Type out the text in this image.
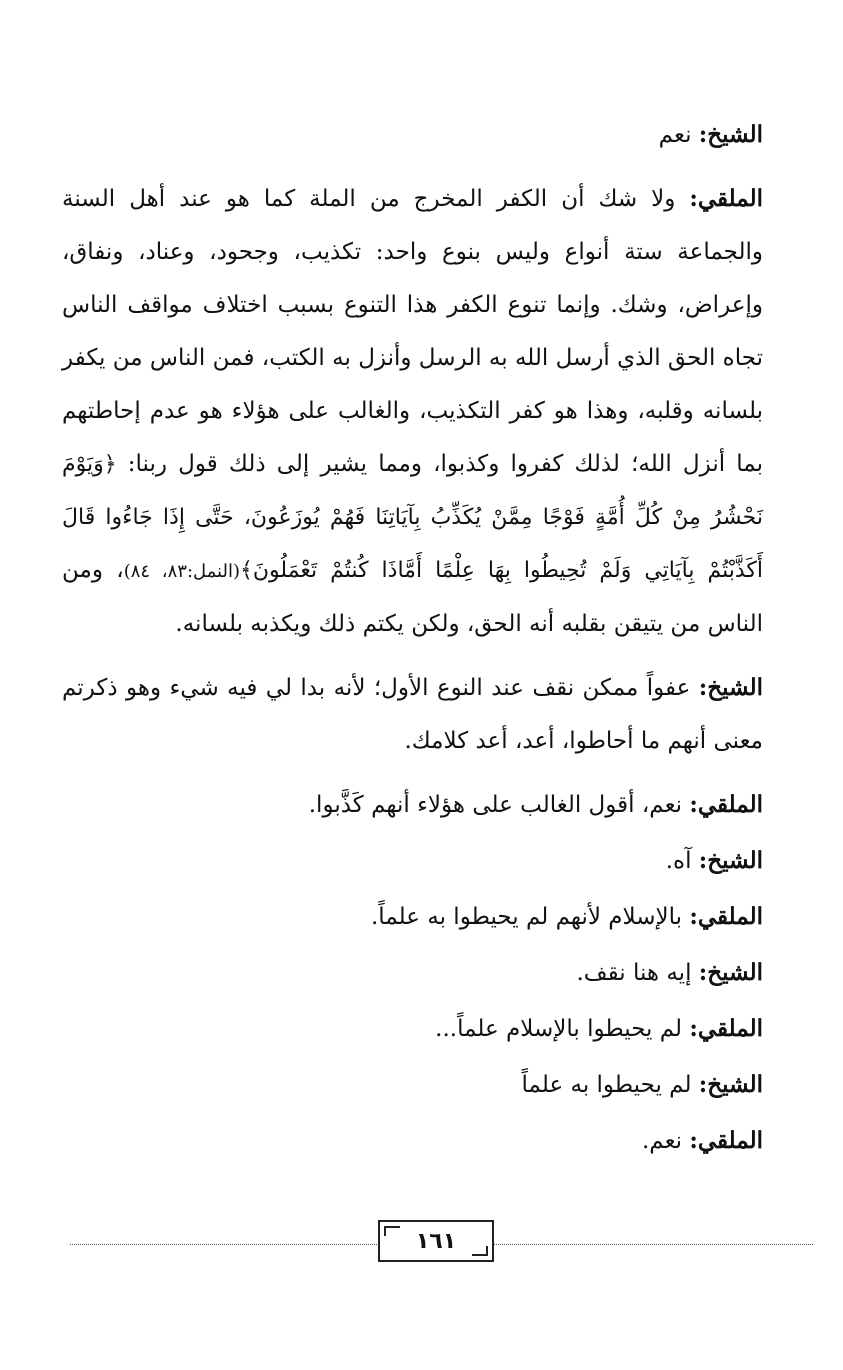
الشيخ: نعم

الملقي: ولا شك أن الكفر المخرج من الملة كما هو عند أهل السنة والجماعة ستة أنواع وليس بنوع واحد: تكذيب، وجحود، وعناد، ونفاق، وإعراض، وشك. وإنما تنوع الكفر هذا التنوع بسبب اختلاف مواقف الناس تجاه الحق الذي أرسل الله به الرسل وأنزل به الكتب، فمن الناس من يكفر بلسانه وقلبه، وهذا هو كفر التكذيب، والغالب على هؤلاء هو عدم إحاطتهم بما أنزل الله؛ لذلك كفروا وكذبوا، ومما يشير إلى ذلك قول ربنا: ﴿وَيَوْمَ نَحْشُرُ مِنْ كُلِّ أُمَّةٍ فَوْجًا مِمَّنْ يُكَذِّبُ بِآيَاتِنَا فَهُمْ يُوزَعُونَ، حَتَّى إِذَا جَاءُوا قَالَ أَكَذَّبْتُمْ بِآيَاتِي وَلَمْ تُحِيطُوا بِهَا عِلْمًا أَمَّاذَا كُنتُمْ تَعْمَلُونَ﴾(النمل:٨٣، ٨٤)، ومن الناس من يتيقن بقلبه أنه الحق، ولكن يكتم ذلك ويكذبه بلسانه.

الشيخ: عفواً ممكن نقف عند النوع الأول؛ لأنه بدا لي فيه شيء وهو ذكرتم معنى أنهم ما أحاطوا، أعد، أعد كلامك.

الملقي: نعم، أقول الغالب على هؤلاء أنهم كَذَّبوا.

الشيخ: آه.

الملقي: بالإسلام لأنهم لم يحيطوا به علماً.

الشيخ: إيه هنا نقف.

الملقي: لم يحيطوا بالإسلام علماً...

الشيخ: لم يحيطوا به علماً

الملقي: نعم.

١٦١
